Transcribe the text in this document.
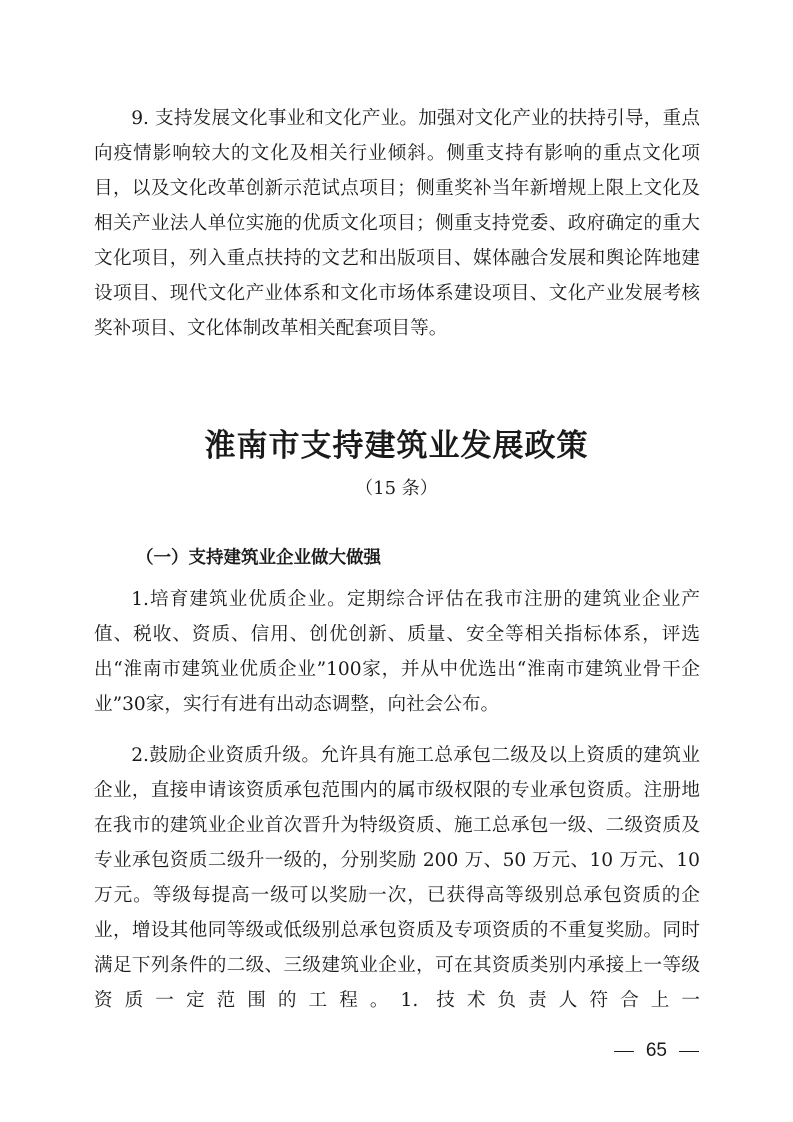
9. 支持发展文化事业和文化产业。加强对文化产业的扶持引导，重点向疫情影响较大的文化及相关行业倾斜。侧重支持有影响的重点文化项目，以及文化改革创新示范试点项目；侧重奖补当年新增规上限上文化及相关产业法人单位实施的优质文化项目；侧重支持党委、政府确定的重大文化项目，列入重点扶持的文艺和出版项目、媒体融合发展和舆论阵地建设项目、现代文化产业体系和文化市场体系建设项目、文化产业发展考核奖补项目、文化体制改革相关配套项目等。

淮南市支持建筑业发展政策
（15 条）
（一）支持建筑业企业做大做强

1.培育建筑业优质企业。定期综合评估在我市注册的建筑业企业产值、税收、资质、信用、创优创新、质量、安全等相关指标体系，评选出“淮南市建筑业优质企业”100家，并从中优选出“淮南市建筑业骨干企业”30家，实行有进有出动态调整，向社会公布。

2.鼓励企业资质升级。允许具有施工总承包二级及以上资质的建筑业企业，直接申请该资质承包范围内的属市级权限的专业承包资质。注册地在我市的建筑业企业首次晋升为特级资质、施工总承包一级、二级资质及专业承包资质二级升一级的，分别奖励 200 万、50 万元、10 万元、10 万元。等级每提高一级可以奖励一次，已获得高等级别总承包资质的企业，增设其他同等级或低级别总承包资质及专项资质的不重复奖励。同时满足下列条件的二级、三级建筑业企业，可在其资质类别内承接上一等级资质一定范围的工程。1. 技术负责人符合上一

65
